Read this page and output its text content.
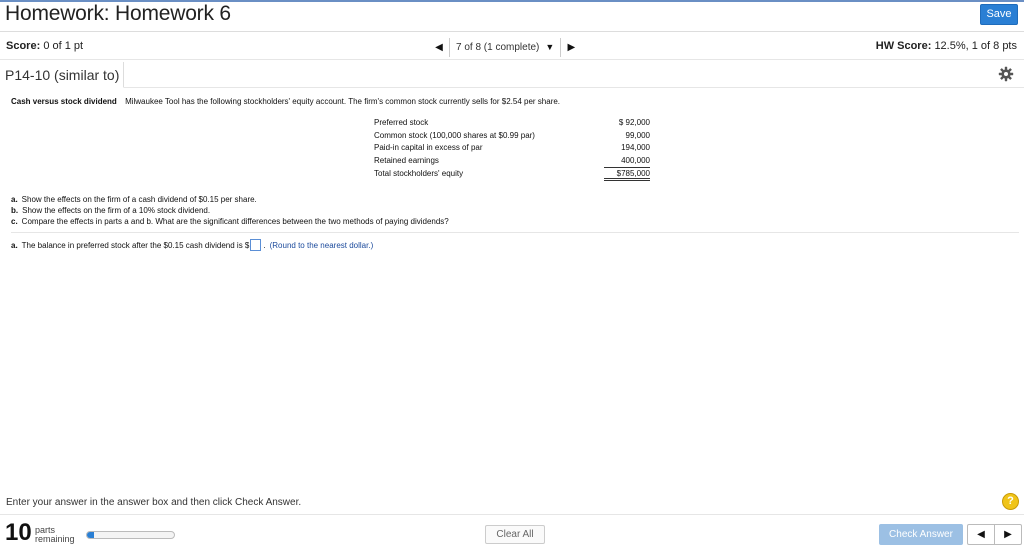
Homework: Homework 6	Save
Score: 0 of 1 pt	◀ 7 of 8 (1 complete) ▼ ▶	HW Score: 12.5%, 1 of 8 pts
P14-10 (similar to)
Cash versus stock dividend Milwaukee Tool has the following stockholders' equity account. The firm's common stock currently sells for $2.54 per share.
Preferred stock	$ 92,000
Common stock (100,000 shares at $0.99 par)	99,000
Paid-in capital in excess of par	194,000
Retained earnings	400,000
Total stockholders' equity	$785,000
a. Show the effects on the firm of a cash dividend of $0.15 per share.
b. Show the effects on the firm of a 10% stock dividend.
c. Compare the effects in parts a and b. What are the significant differences between the two methods of paying dividends?
a. The balance in preferred stock after the $0.15 cash dividend is $ . (Round to the nearest dollar.)
Enter your answer in the answer box and then click Check Answer.	?
10 parts
remaining	Clear All	Check Answer	◀ ▶
